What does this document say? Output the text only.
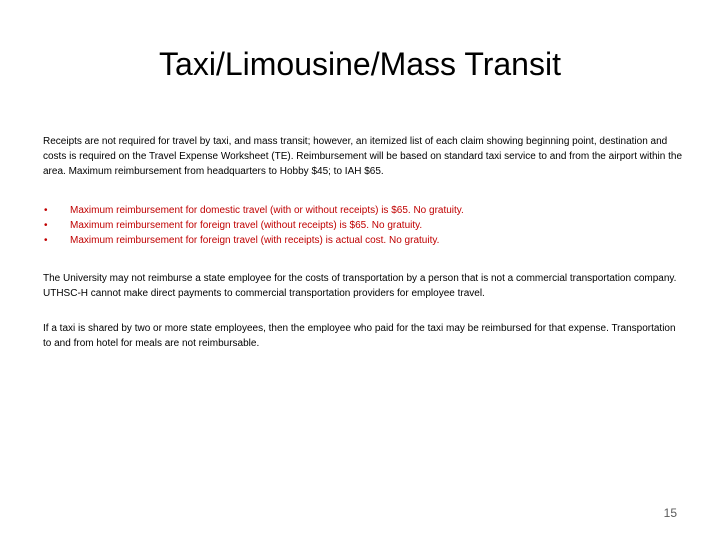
Taxi/Limousine/Mass Transit
Receipts are not required for travel by taxi, and mass transit; however, an itemized list of each claim showing beginning point, destination and costs is required on the Travel Expense Worksheet (TE). Reimbursement will be based on standard taxi service to and from the airport within the area. Maximum reimbursement from headquarters to Hobby $45; to IAH $65.
• Maximum reimbursement for domestic travel (with or without receipts) is $65. No gratuity.
• Maximum reimbursement for foreign travel (without receipts) is $65. No gratuity.
• Maximum reimbursement for foreign travel (with receipts) is actual cost. No gratuity.
The University may not reimburse a state employee for the costs of transportation by a person that is not a commercial transportation company. UTHSC-H cannot make direct payments to commercial transportation providers for employee travel.
If a taxi is shared by two or more state employees, then the employee who paid for the taxi may be reimbursed for that expense. Transportation to and from hotel for meals are not reimbursable.
15
